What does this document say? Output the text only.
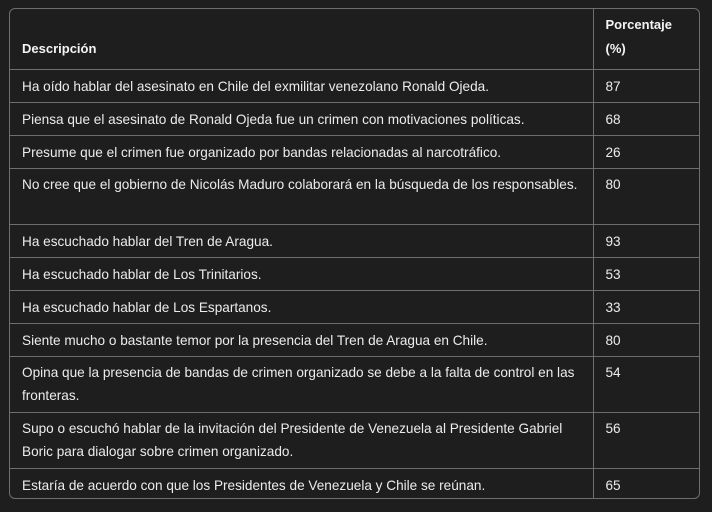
Descripción	Porcentaje
(%)

Ha oído hablar del asesinato en Chile del exmilitar venezolano Ronald Ojeda.	87
Piensa que el asesinato de Ronald Ojeda fue un crimen con motivaciones políticas.	68
Presume que el crimen fue organizado por bandas relacionadas al narcotráfico.	26
No cree que el gobierno de Nicolás Maduro colaborará en la búsqueda de los responsables.	80
Ha escuchado hablar del Tren de Aragua.	93
Ha escuchado hablar de Los Trinitarios.	53
Ha escuchado hablar de Los Espartanos.	33
Siente mucho o bastante temor por la presencia del Tren de Aragua en Chile.	80
Opina que la presencia de bandas de crimen organizado se debe a la falta de control en las fronteras.	54
Supo o escuchó hablar de la invitación del Presidente de Venezuela al Presidente Gabriel Boric para dialogar sobre crimen organizado.	56
Estaría de acuerdo con que los Presidentes de Venezuela y Chile se reúnan.	65
